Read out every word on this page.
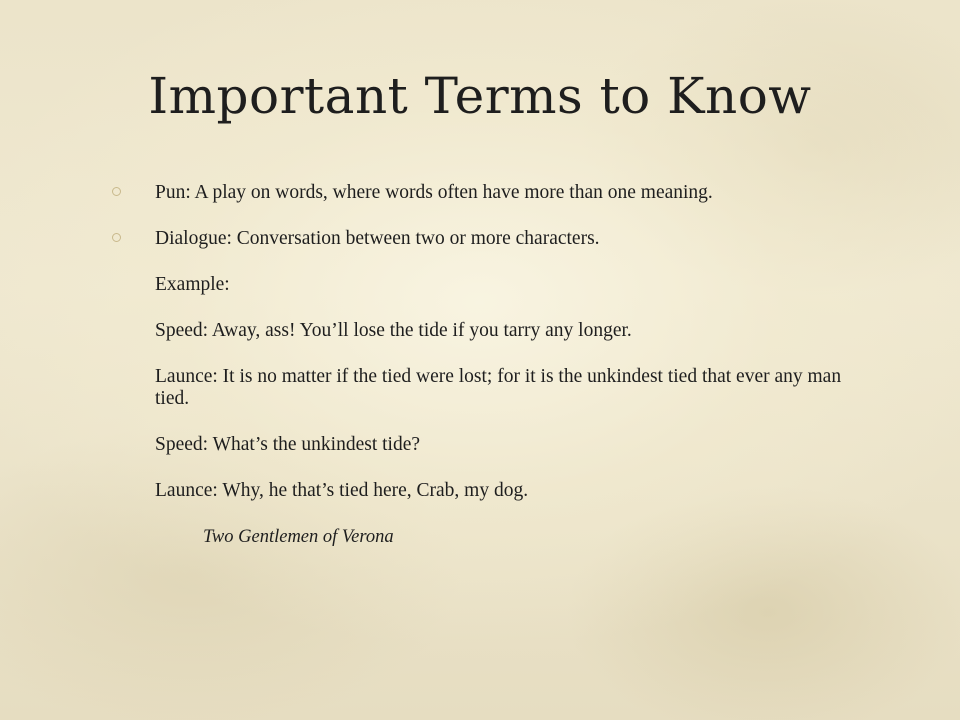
Important Terms to Know
Pun: A play on words, where words often have more than one meaning.
Dialogue: Conversation between two or more characters.
Example:
Speed: Away, ass! You’ll lose the tide if you tarry any longer.
Launce: It is no matter if the tied were lost; for it is the unkindest tied that ever any man tied.
Speed: What’s the unkindest tide?
Launce: Why, he that’s tied here, Crab, my dog.
Two Gentlemen of Verona
